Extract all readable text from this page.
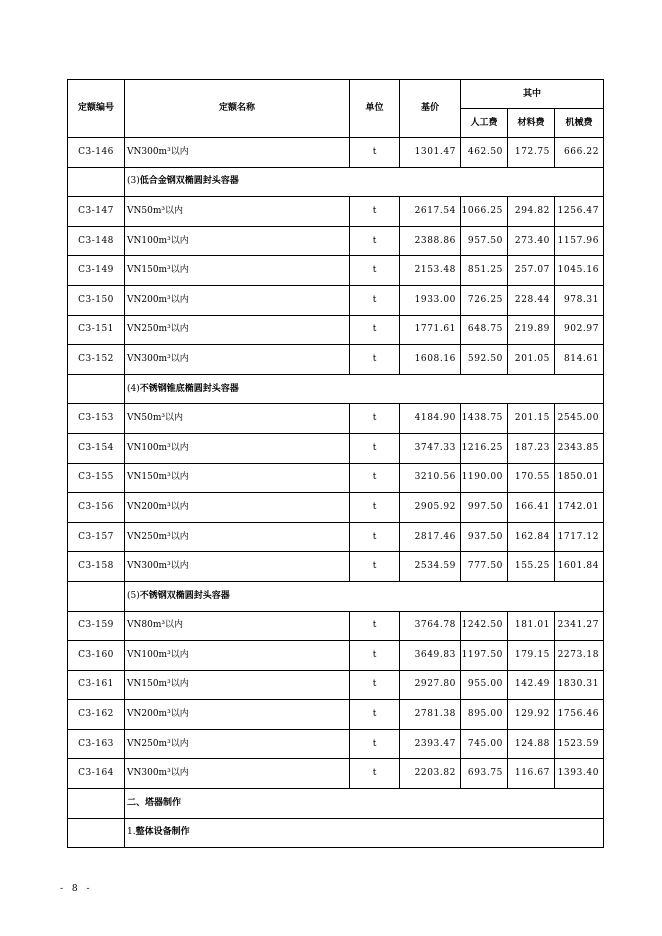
定额编号	定额名称	单位	基价	其中		
				人工费	材料费	机械费
C3-146	VN300m³以内	t	1301.47	462.50	172.75	666.22
	(3)低合金钢双椭圆封头容器					
C3-147	VN50m³以内	t	2617.54	1066.25	294.82	1256.47
C3-148	VN100m³以内	t	2388.86	957.50	273.40	1157.96
C3-149	VN150m³以内	t	2153.48	851.25	257.07	1045.16
C3-150	VN200m³以内	t	1933.00	726.25	228.44	978.31
C3-151	VN250m³以内	t	1771.61	648.75	219.89	902.97
C3-152	VN300m³以内	t	1608.16	592.50	201.05	814.61
	(4)不锈钢锥底椭圆封头容器					
C3-153	VN50m³以内	t	4184.90	1438.75	201.15	2545.00
C3-154	VN100m³以内	t	3747.33	1216.25	187.23	2343.85
C3-155	VN150m³以内	t	3210.56	1190.00	170.55	1850.01
C3-156	VN200m³以内	t	2905.92	997.50	166.41	1742.01
C3-157	VN250m³以内	t	2817.46	937.50	162.84	1717.12
C3-158	VN300m³以内	t	2534.59	777.50	155.25	1601.84
	(5)不锈钢双椭圆封头容器					
C3-159	VN80m³以内	t	3764.78	1242.50	181.01	2341.27
C3-160	VN100m³以内	t	3649.83	1197.50	179.15	2273.18
C3-161	VN150m³以内	t	2927.80	955.00	142.49	1830.31
C3-162	VN200m³以内	t	2781.38	895.00	129.92	1756.46
C3-163	VN250m³以内	t	2393.47	745.00	124.88	1523.59
C3-164	VN300m³以内	t	2203.82	693.75	116.67	1393.40
	二、塔器制作					
	1.整体设备制作					
- 8 -
